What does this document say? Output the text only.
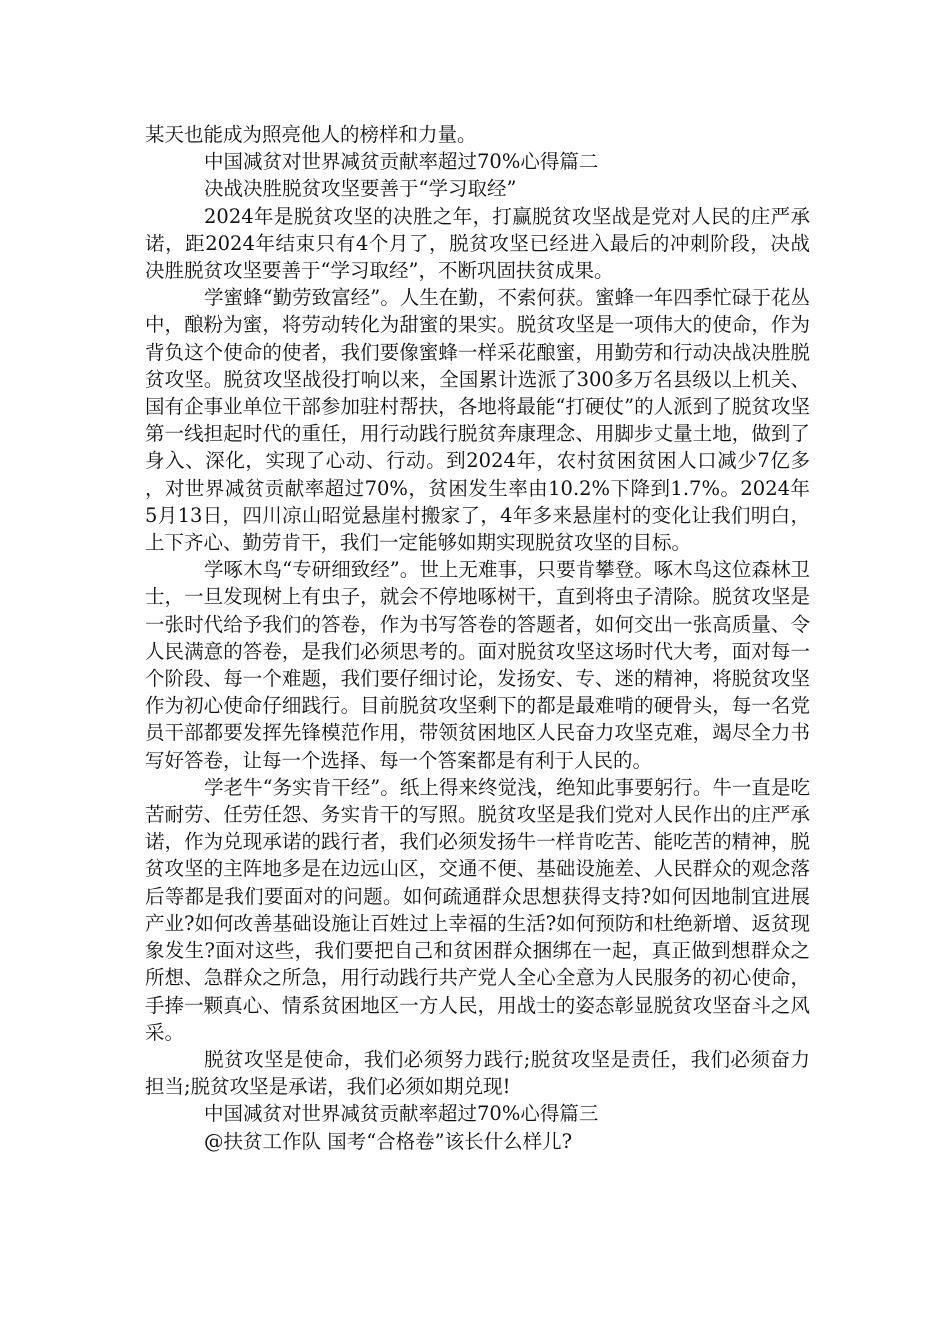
某天也能成为照亮他人的榜样和力量。

中国减贫对世界减贫贡献率超过70%心得篇二

决战决胜脱贫攻坚要善于“学习取经”

2024年是脱贫攻坚的决胜之年，打赢脱贫攻坚战是党对人民的庄严承诺，距2024年结束只有4个月了，脱贫攻坚已经进入最后的冲刺阶段，决战决胜脱贫攻坚要善于“学习取经”，不断巩固扶贫成果。

学蜜蜂“勤劳致富经”。人生在勤，不索何获。蜜蜂一年四季忙碌于花丛中，酿粉为蜜，将劳动转化为甜蜜的果实。脱贫攻坚是一项伟大的使命，作为背负这个使命的使者，我们要像蜜蜂一样采花酿蜜，用勤劳和行动决战决胜脱贫攻坚。脱贫攻坚战役打响以来，全国累计选派了300多万名县级以上机关、国有企事业单位干部参加驻村帮扶，各地将最能“打硬仗”的人派到了脱贫攻坚第一线担起时代的重任，用行动践行脱贫奔康理念、用脚步丈量土地，做到了身入、深化，实现了心动、行动。到2024年，农村贫困贫困人口减少7亿多，对世界减贫贡献率超过70%，贫困发生率由10.2%下降到1.7%。2024年5月13日，四川凉山昭觉悬崖村搬家了，4年多来悬崖村的变化让我们明白，上下齐心、勤劳肯干，我们一定能够如期实现脱贫攻坚的目标。

学啄木鸟“专研细致经”。世上无难事，只要肯攀登。啄木鸟这位森林卫士，一旦发现树上有虫子，就会不停地啄树干，直到将虫子清除。脱贫攻坚是一张时代给予我们的答卷，作为书写答卷的答题者，如何交出一张高质量、令人民满意的答卷，是我们必须思考的。面对脱贫攻坚这场时代大考，面对每一个阶段、每一个难题，我们要仔细讨论，发扬安、专、迷的精神，将脱贫攻坚作为初心使命仔细践行。目前脱贫攻坚剩下的都是最难啃的硬骨头，每一名党员干部都要发挥先锋模范作用，带领贫困地区人民奋力攻坚克难，竭尽全力书写好答卷，让每一个选择、每一个答案都是有利于人民的。

学老牛“务实肯干经”。纸上得来终觉浅，绝知此事要躬行。牛一直是吃苦耐劳、任劳任怨、务实肯干的写照。脱贫攻坚是我们党对人民作出的庄严承诺，作为兑现承诺的践行者，我们必须发扬牛一样肯吃苦、能吃苦的精神，脱贫攻坚的主阵地多是在边远山区，交通不便、基础设施差、人民群众的观念落后等都是我们要面对的问题。如何疏通群众思想获得支持?如何因地制宜进展产业?如何改善基础设施让百姓过上幸福的生活?如何预防和杜绝新增、返贫现象发生?面对这些，我们要把自己和贫困群众捆绑在一起，真正做到想群众之所想、急群众之所急，用行动践行共产党人全心全意为人民服务的初心使命，手捧一颗真心、情系贫困地区一方人民，用战士的姿态彰显脱贫攻坚奋斗之风采。

脱贫攻坚是使命，我们必须努力践行;脱贫攻坚是责任，我们必须奋力担当;脱贫攻坚是承诺，我们必须如期兑现!

中国减贫对世界减贫贡献率超过70%心得篇三

@扶贫工作队 国考“合格卷”该长什么样儿?
